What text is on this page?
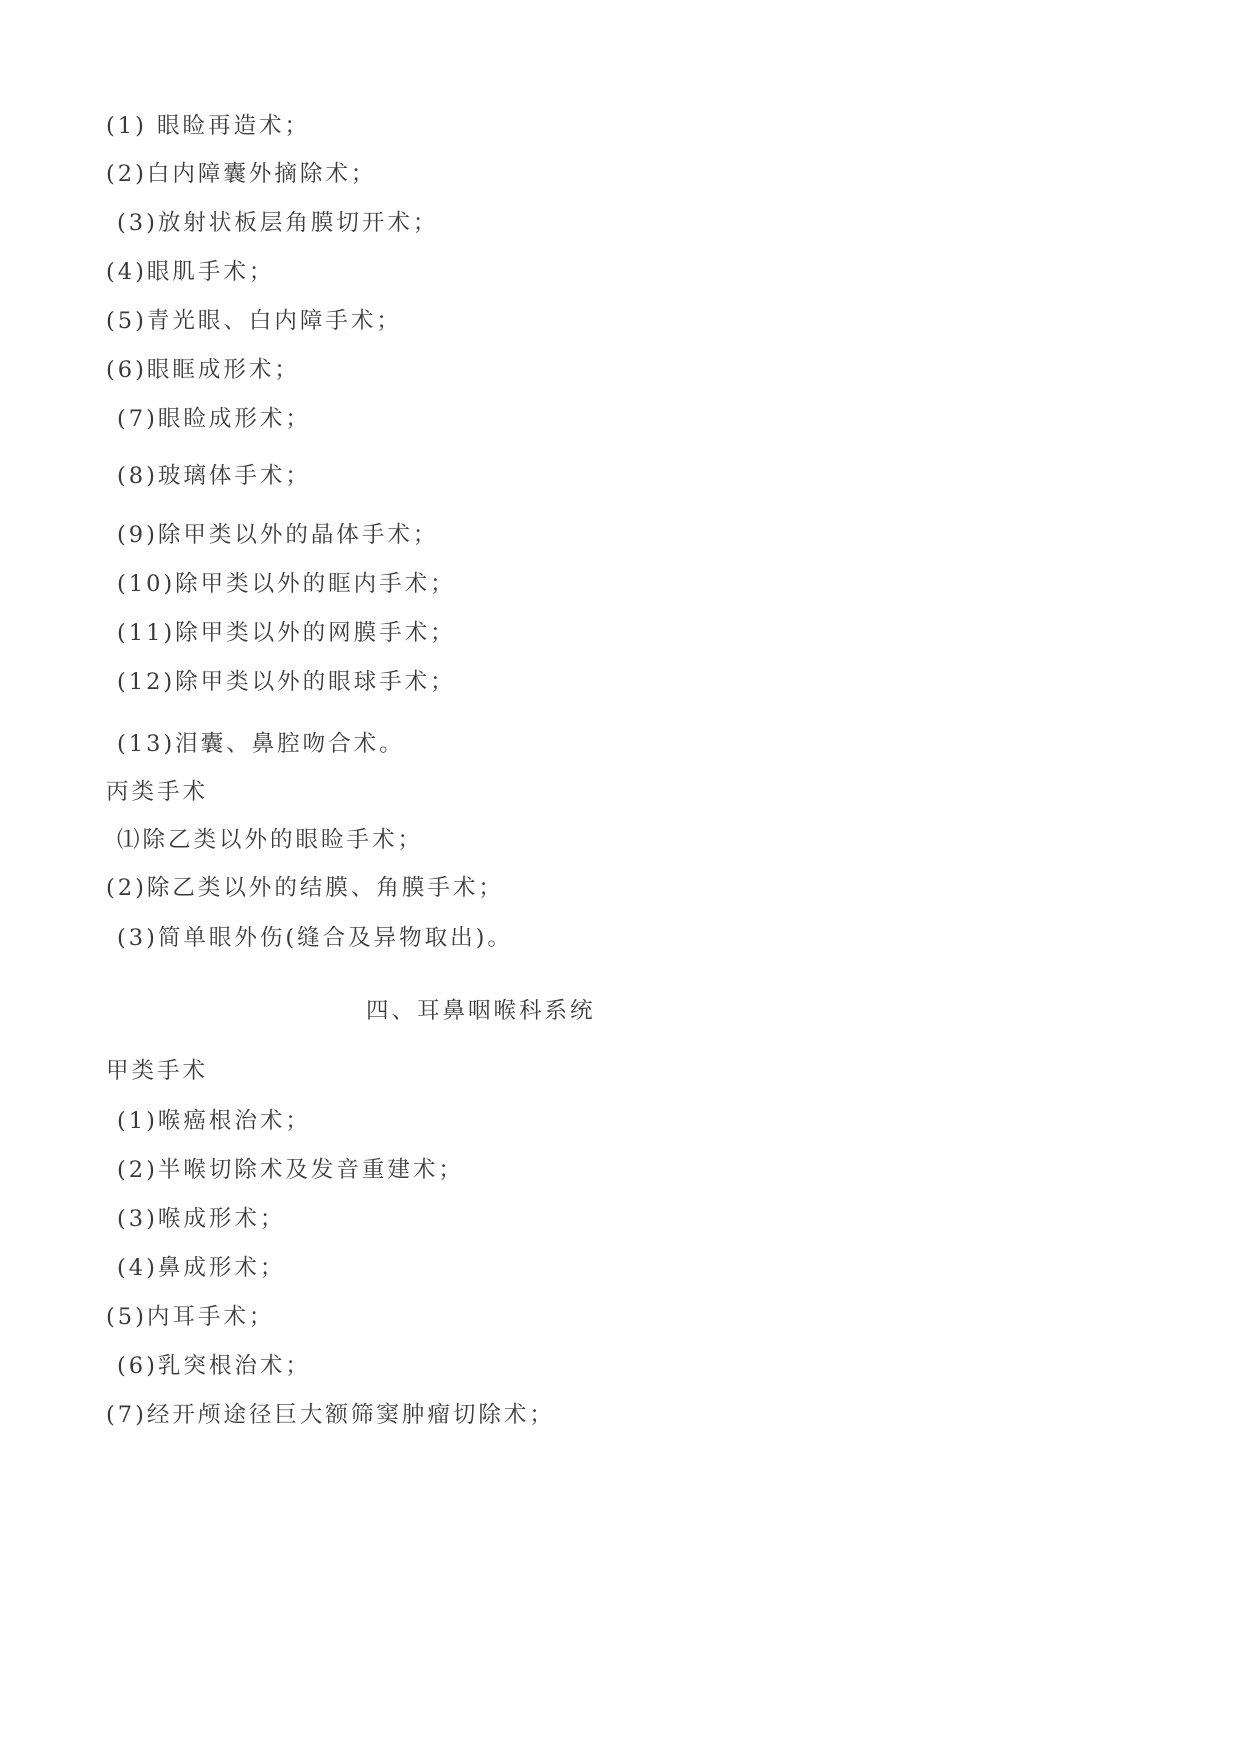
(1) 眼睑再造术；

(2)白内障囊外摘除术；

(3)放射状板层角膜切开术；

(4)眼肌手术；

(5)青光眼、白内障手术；

(6)眼眶成形术；

(7)眼睑成形术；

(8)玻璃体手术；

(9)除甲类以外的晶体手术；

(10)除甲类以外的眶内手术；

(11)除甲类以外的网膜手术；

(12)除甲类以外的眼球手术；

(13)泪囊、鼻腔吻合术。

丙类手术

⑴除乙类以外的眼睑手术；

(2)除乙类以外的结膜、角膜手术；

(3)简单眼外伤(缝合及异物取出)。

四、耳鼻咽喉科系统

甲类手术

(1)喉癌根治术；

(2)半喉切除术及发音重建术；

(3)喉成形术；

(4)鼻成形术；

(5)内耳手术；

(6)乳突根治术；

(7)经开颅途径巨大额筛窦肿瘤切除术；
